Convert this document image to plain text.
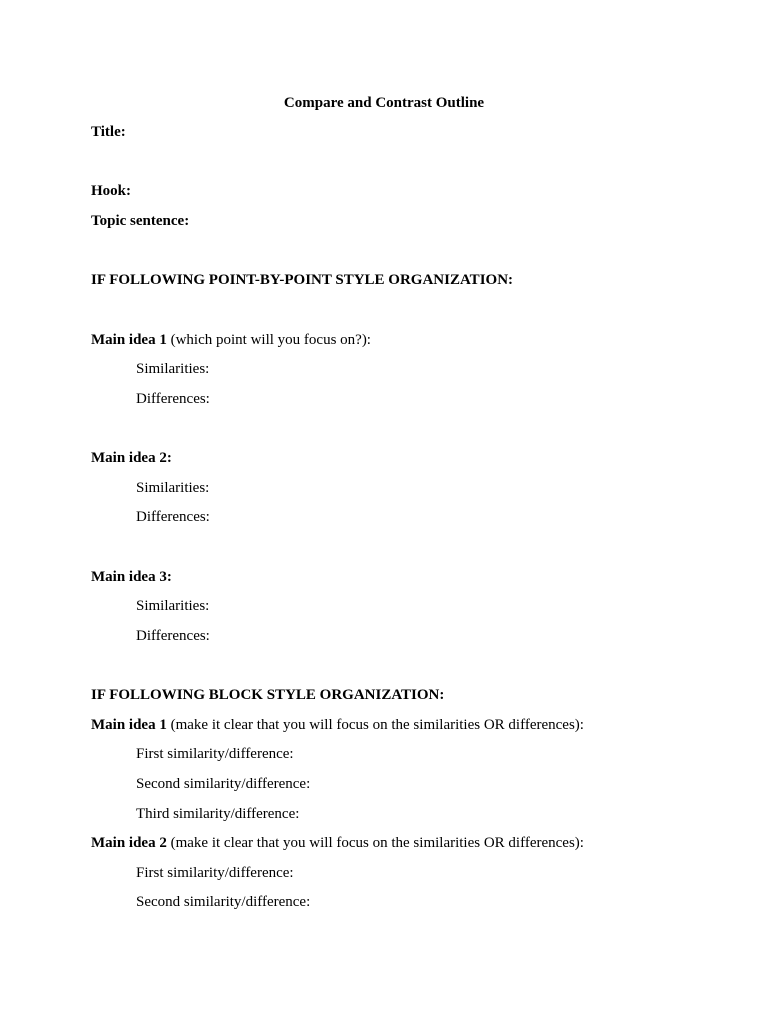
Compare and Contrast Outline
Title:
Hook:
Topic sentence:
IF FOLLOWING POINT-BY-POINT STYLE ORGANIZATION:
Main idea 1 (which point will you focus on?):
Similarities:
Differences:
Main idea 2:
Similarities:
Differences:
Main idea 3:
Similarities:
Differences:
IF FOLLOWING BLOCK STYLE ORGANIZATION:
Main idea 1 (make it clear that you will focus on the similarities OR differences):
First similarity/difference:
Second similarity/difference:
Third similarity/difference:
Main idea 2 (make it clear that you will focus on the similarities OR differences):
First similarity/difference:
Second similarity/difference:
